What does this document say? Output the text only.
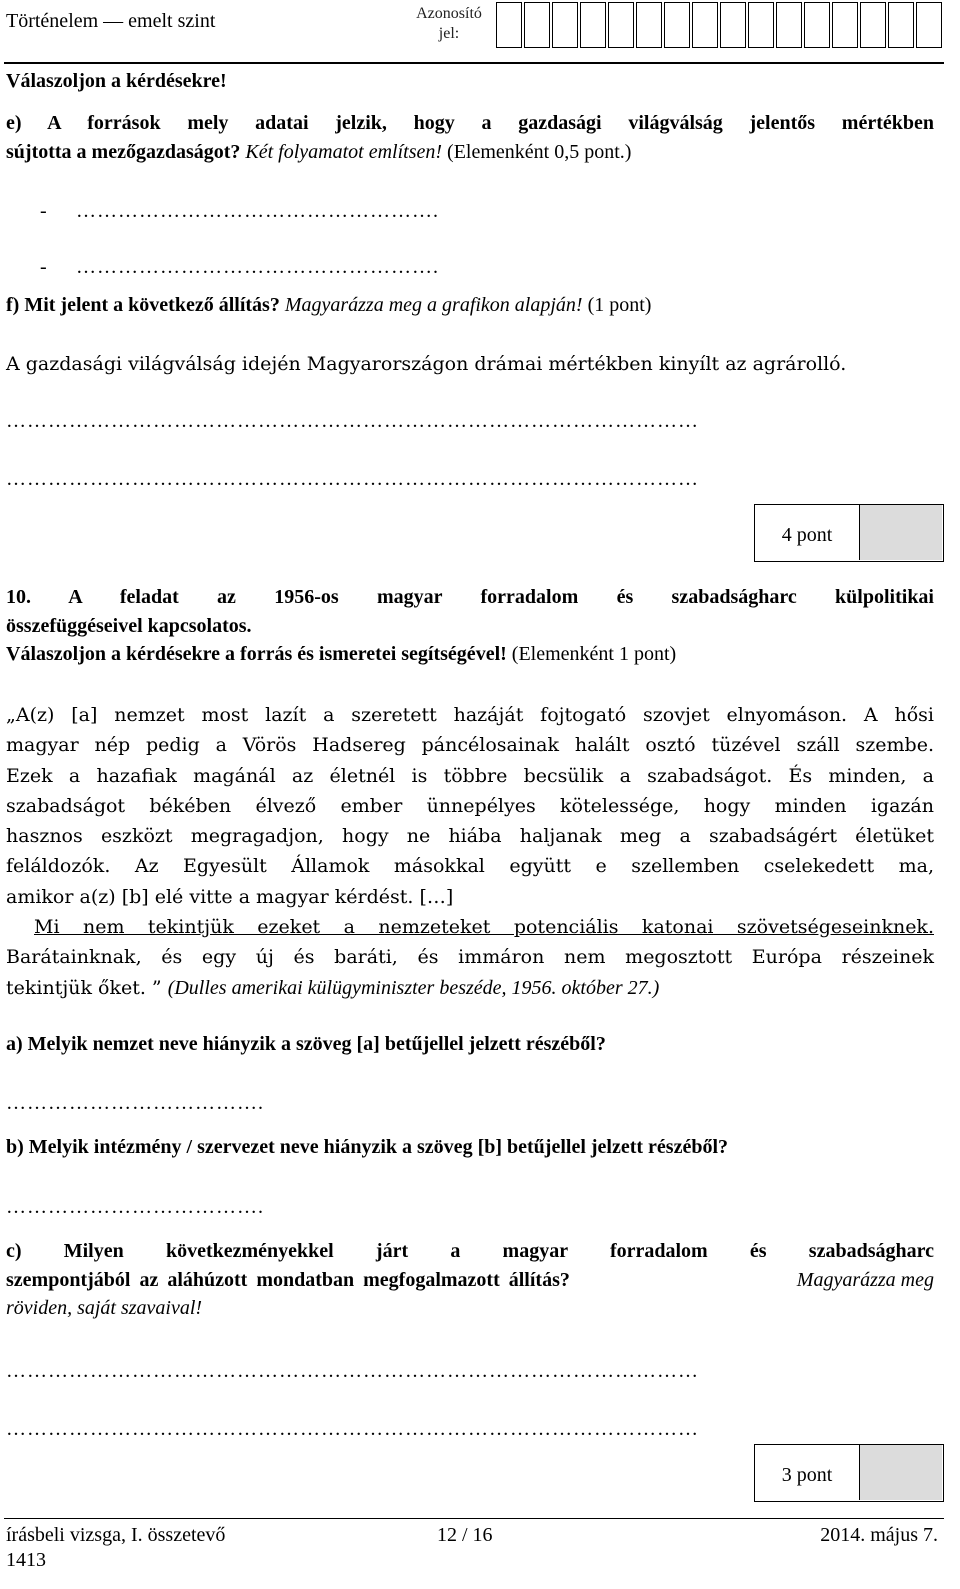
Történelem — emelt szint	Azonosító
jel:
Válaszoljon a kérdésekre!
e) A források mely adatai jelzik, hogy a gazdasági világválság jelentős mértékben
sújtotta a mezőgazdaságot? Két folyamatot említsen! (Elemenként 0,5 pont.)
- …………………………………………….
- …………………………………………….
f) Mit jelent a következő állítás? Magyarázza meg a grafikon alapján! (1 pont)
A gazdasági világválság idején Magyarországon drámai mértékben kinyílt az agrárolló.
………………………………………………………………………………………
………………………………………………………………………………………
4 pont
10. A feladat az 1956-os magyar forradalom és szabadságharc külpolitikai
összefüggéseivel kapcsolatos.
Válaszoljon a kérdésekre a forrás és ismeretei segítségével! (Elemenként 1 pont)
„A(z) [a] nemzet most lazít a szeretett hazáját fojtogató szovjet elnyomáson. A hősi
magyar nép pedig a Vörös Hadsereg páncélosainak halált osztó tüzével száll szembe.
Ezek a hazafiak magánál az életnél is többre becsülik a szabadságot. És minden, a
szabadságot békében élvező ember ünnepélyes kötelessége, hogy minden igazán
hasznos eszközt megragadjon, hogy ne hiába haljanak meg a szabadságért életüket
feláldozók. Az Egyesült Államok másokkal együtt e szellemben cselekedett ma,
amikor a(z) [b] elé vitte a magyar kérdést. […]
Mi nem tekintjük ezeket a nemzeteket potenciális katonai szövetségeseinknek.
Barátainknak, és egy új és baráti, és immáron nem megosztott Európa részeinek
tekintjük őket. ” (Dulles amerikai külügyminiszter beszéde, 1956. október 27.)
a) Melyik nemzet neve hiányzik a szöveg [a] betűjellel jelzett részéből?
……………………………….
b) Melyik intézmény / szervezet neve hiányzik a szöveg [b] betűjellel jelzett részéből?
……………………………….
c) Milyen következményekkel járt a magyar forradalom és szabadságharc
szempontjából az aláhúzott mondatban megfogalmazott állítás?	Magyarázza meg
röviden, saját szavaival!
………………………………………………………………………………………
………………………………………………………………………………………
3 pont
írásbeli vizsga, I. összetevő	12 / 16	2014. május 7.
1413
